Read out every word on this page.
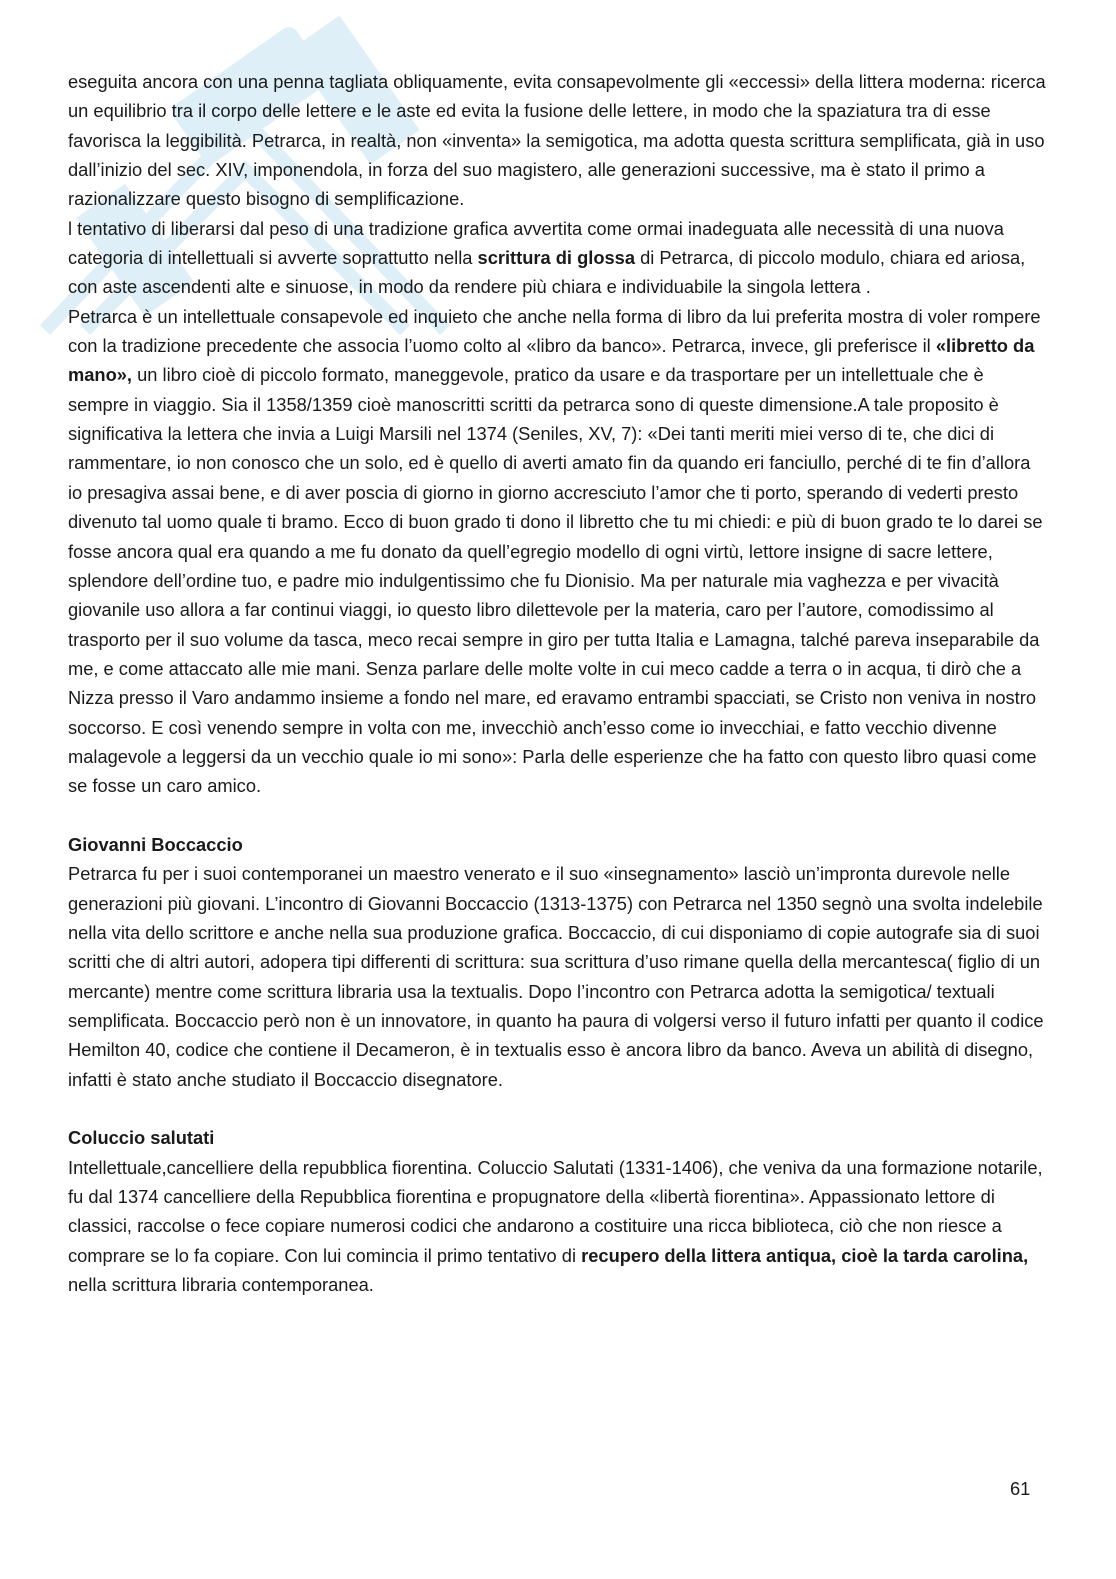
eseguita ancora con una penna tagliata obliquamente, evita consapevolmente gli «eccessi» della littera moderna: ricerca un equilibrio tra il corpo delle lettere e le aste ed evita la fusione delle lettere, in modo che la spaziatura tra di esse favorisca la leggibilità. Petrarca, in realtà, non «inventa» la semigotica, ma adotta questa scrittura semplificata, già in uso dall’inizio del sec. XIV, imponendola, in forza del suo magistero, alle generazioni successive, ma è stato il primo a razionalizzare questo bisogno di semplificazione.

l tentativo di liberarsi dal peso di una tradizione grafica avvertita come ormai inadeguata alle necessità di una nuova categoria di intellettuali si avverte soprattutto nella scrittura di glossa di Petrarca, di piccolo modulo, chiara ed ariosa, con aste ascendenti alte e sinuose, in modo da rendere più chiara e individuabile la singola lettera .

Petrarca è un intellettuale consapevole ed inquieto che anche nella forma di libro da lui preferita mostra di voler rompere con la tradizione precedente che associa l’uomo colto al «libro da banco». Petrarca, invece, gli preferisce il «libretto da mano», un libro cioè di piccolo formato, maneggevole, pratico da usare e da trasportare per un intellettuale che è sempre in viaggio. Sia il 1358/1359 cioè manoscritti scritti da petrarca sono di queste dimensione.A tale proposito è significativa la lettera che invia a Luigi Marsili nel 1374 (Seniles, XV, 7): «Dei tanti meriti miei verso di te, che dici di rammentare, io non conosco che un solo, ed è quello di averti amato fin da quando eri fanciullo, perché di te fin d’allora io presagiva assai bene, e di aver poscia di giorno in giorno accresciuto l’amor che ti porto, sperando di vederti presto divenuto tal uomo quale ti bramo. Ecco di buon grado ti dono il libretto che tu mi chiedi: e più di buon grado te lo darei se fosse ancora qual era quando a me fu donato da quell’egregio modello di ogni virtù, lettore insigne di sacre lettere, splendore dell’ordine tuo, e padre mio indulgentissimo che fu Dionisio. Ma per naturale mia vaghezza e per vivacità giovanile uso allora a far continui viaggi, io questo libro dilettevole per la materia, caro per l’autore, comodissimo al trasporto per il suo volume da tasca, meco recai sempre in giro per tutta Italia e Lamagna, talché pareva inseparabile da me, e come attaccato alle mie mani. Senza parlare delle molte volte in cui meco cadde a terra o in acqua, ti dirò che a Nizza presso il Varo andammo insieme a fondo nel mare, ed eravamo entrambi spacciati, se Cristo non veniva in nostro soccorso. E così venendo sempre in volta con me, invecchiò anch’esso come io invecchiai, e fatto vecchio divenne malagevole a leggersi da un vecchio quale io mi sono»: Parla delle esperienze che ha fatto con questo libro quasi come se fosse un caro amico.

Giovanni Boccaccio

Petrarca fu per i suoi contemporanei un maestro venerato e il suo «insegnamento» lasciò un’impronta durevole nelle generazioni più giovani. L’incontro di Giovanni Boccaccio (1313-1375) con Petrarca nel 1350 segnò una svolta indelebile nella vita dello scrittore e anche nella sua produzione grafica. Boccaccio, di cui disponiamo di copie autografe sia di suoi scritti che di altri autori, adopera tipi differenti di scrittura: sua scrittura d’uso rimane quella della mercantesca( figlio di un mercante) mentre come scrittura libraria usa la textualis. Dopo l’incontro con Petrarca adotta la semigotica/ textuali semplificata. Boccaccio però non è un innovatore, in quanto ha paura di volgersi verso il futuro infatti per quanto il codice Hemilton 40, codice che contiene il Decameron, è in textualis esso è ancora libro da banco. Aveva un abilità di disegno, infatti è stato anche studiato il Boccaccio disegnatore.

Coluccio salutati

Intellettuale,cancelliere della repubblica fiorentina. Coluccio Salutati (1331-1406), che veniva da una formazione notarile, fu dal 1374 cancelliere della Repubblica fiorentina e propugnatore della «libertà fiorentina». Appassionato lettore di classici, raccolse o fece copiare numerosi codici che andarono a costituire una ricca biblioteca, ciò che non riesce a comprare se lo fa copiare. Con lui comincia il primo tentativo di recupero della littera antiqua, cioè la tarda carolina, nella scrittura libraria contemporanea.

61
